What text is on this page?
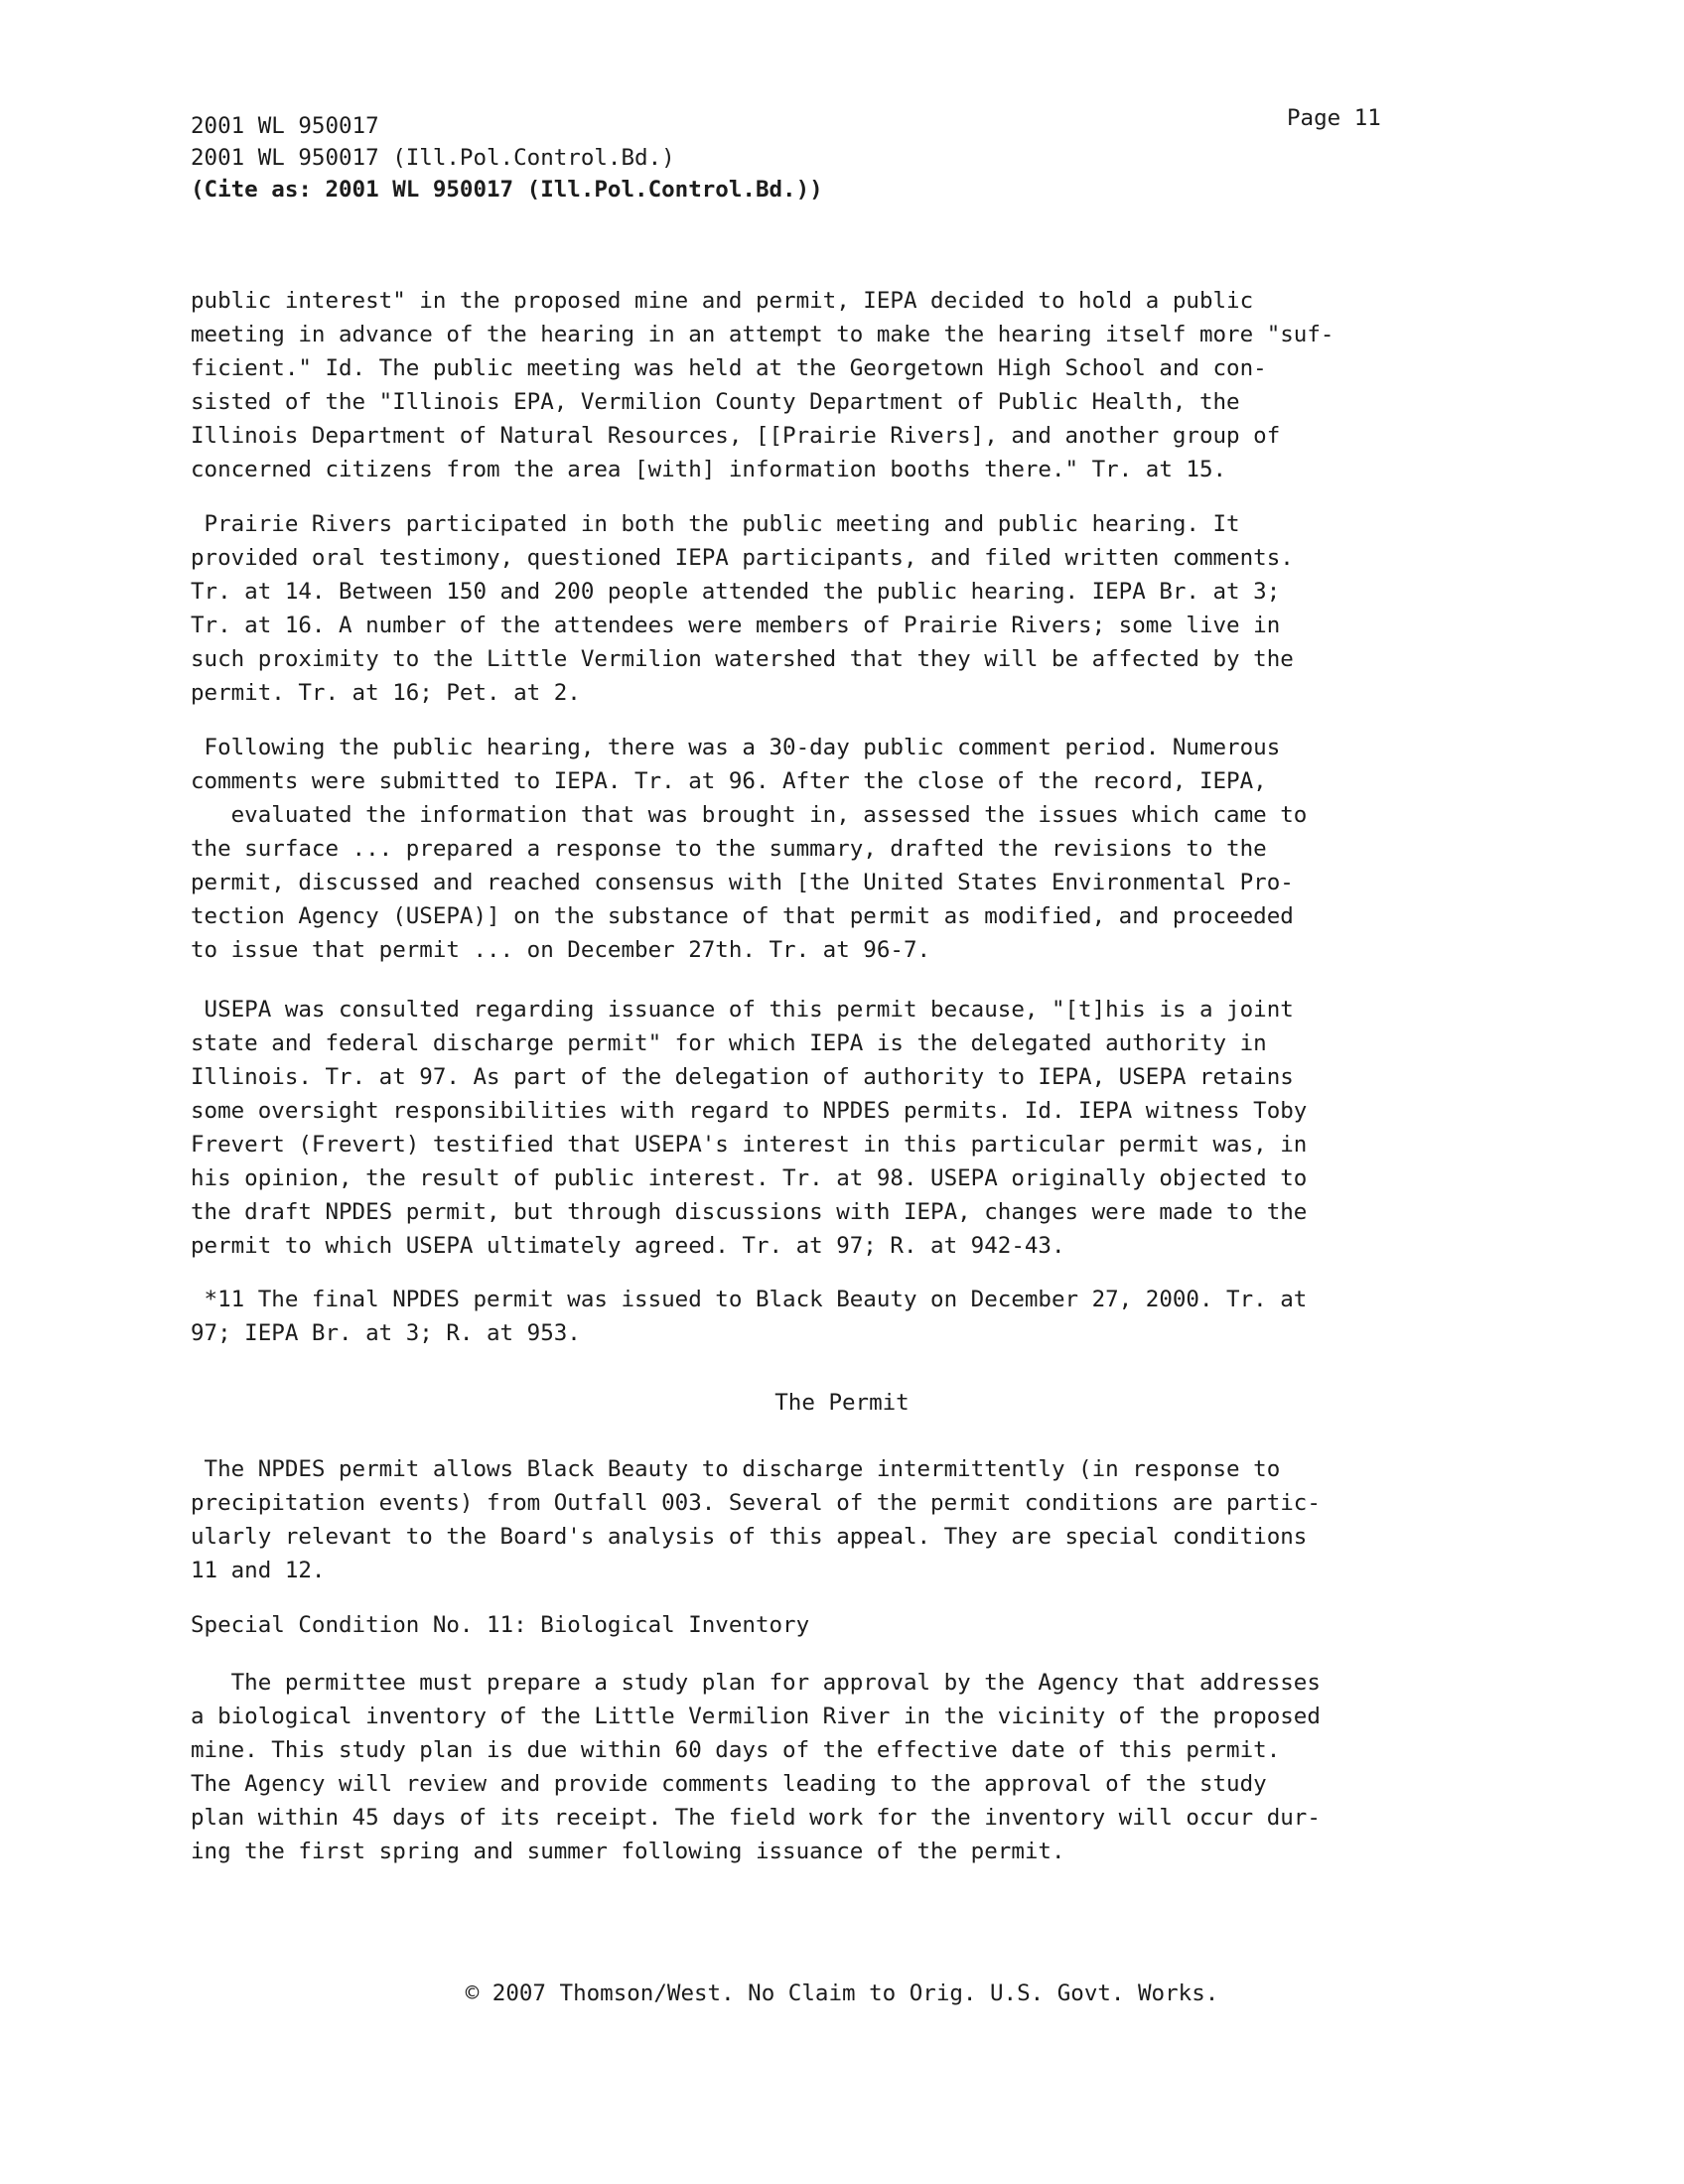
2001 WL 950017
2001 WL 950017 (Ill.Pol.Control.Bd.)
(Cite as: 2001 WL 950017 (Ill.Pol.Control.Bd.))
Page 11
public interest" in the proposed mine and permit, IEPA decided to hold a public
meeting in advance of the hearing in an attempt to make the hearing itself more "suf-
ficient." Id. The public meeting was held at the Georgetown High School and con-
sisted of the "Illinois EPA, Vermilion County Department of Public Health, the
Illinois Department of Natural Resources, [[Prairie Rivers], and another group of
concerned citizens from the area [with] information booths there." Tr. at 15.
Prairie Rivers participated in both the public meeting and public hearing. It
provided oral testimony, questioned IEPA participants, and filed written comments.
Tr. at 14. Between 150 and 200 people attended the public hearing. IEPA Br. at 3;
Tr. at 16. A number of the attendees were members of Prairie Rivers; some live in
such proximity to the Little Vermilion watershed that they will be affected by the
permit. Tr. at 16; Pet. at 2.
Following the public hearing, there was a 30-day public comment period. Numerous
comments were submitted to IEPA. Tr. at 96. After the close of the record, IEPA,
evaluated the information that was brought in, assessed the issues which came to
the surface ... prepared a response to the summary, drafted the revisions to the
permit, discussed and reached consensus with [the United States Environmental Pro-
tection Agency (USEPA)] on the substance of that permit as modified, and proceeded
to issue that permit ... on December 27th. Tr. at 96-7.
USEPA was consulted regarding issuance of this permit because, "[t]his is a joint
state and federal discharge permit" for which IEPA is the delegated authority in
Illinois. Tr. at 97. As part of the delegation of authority to IEPA, USEPA retains
some oversight responsibilities with regard to NPDES permits. Id. IEPA witness Toby
Frevert (Frevert) testified that USEPA's interest in this particular permit was, in
his opinion, the result of public interest. Tr. at 98. USEPA originally objected to
the draft NPDES permit, but through discussions with IEPA, changes were made to the
permit to which USEPA ultimately agreed. Tr. at 97; R. at 942-43.
*11 The final NPDES permit was issued to Black Beauty on December 27, 2000. Tr. at
97; IEPA Br. at 3; R. at 953.
The Permit
The NPDES permit allows Black Beauty to discharge intermittently (in response to
precipitation events) from Outfall 003. Several of the permit conditions are partic-
ularly relevant to the Board's analysis of this appeal. They are special conditions
11 and 12.
Special Condition No. 11: Biological Inventory
The permittee must prepare a study plan for approval by the Agency that addresses
a biological inventory of the Little Vermilion River in the vicinity of the proposed
mine. This study plan is due within 60 days of the effective date of this permit.
The Agency will review and provide comments leading to the approval of the study
plan within 45 days of its receipt. The field work for the inventory will occur dur-
ing the first spring and summer following issuance of the permit.
© 2007 Thomson/West. No Claim to Orig. U.S. Govt. Works.
